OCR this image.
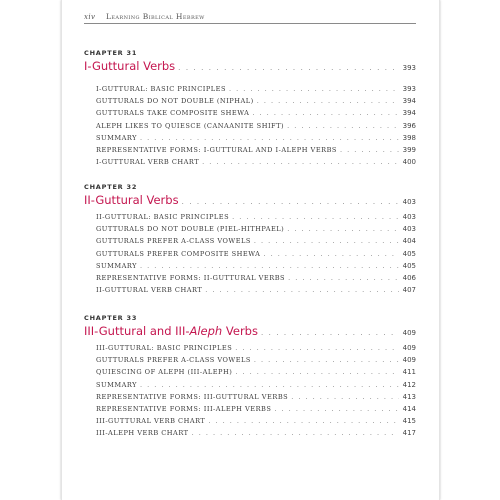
xiv Learning Biblical Hebrew
CHAPTER 31
I-Guttural Verbs . . .	393
I-GUTTURAL: BASIC PRINCIPLES . . .	393
GUTTURALS DO NOT DOUBLE (NIPHAL) . . .	394
GUTTURALS TAKE COMPOSITE SHEWA . . .	394
ALEPH LIKES TO QUIESCE (CANAANITE SHIFT) . . .	396
SUMMARY . . .	398
REPRESENTATIVE FORMS: I-GUTTURAL AND I-ALEPH VERBS . . .	399
I-GUTTURAL VERB CHART . . .	400
CHAPTER 32
II-Guttural Verbs . . .	403
II-GUTTURAL: BASIC PRINCIPLES . . .	403
GUTTURALS DO NOT DOUBLE (PIEL-HITHPAEL) . . .	403
GUTTURALS PREFER A-CLASS VOWELS . . .	404
GUTTURALS PREFER COMPOSITE SHEWA . . .	405
SUMMARY . . .	405
REPRESENTATIVE FORMS: II-GUTTURAL VERBS . . .	406
II-GUTTURAL VERB CHART . . .	407
CHAPTER 33
III-Guttural and III-Aleph Verbs . . .	409
III-GUTTURAL: BASIC PRINCIPLES . . .	409
GUTTURALS PREFER A-CLASS VOWELS . . .	409
QUIESCING OF ALEPH (III-ALEPH) . . .	411
SUMMARY . . .	412
REPRESENTATIVE FORMS: III-GUTTURAL VERBS . . .	413
REPRESENTATIVE FORMS: III-ALEPH VERBS . . .	414
III-GUTTURAL VERB CHART . . .	415
III-ALEPH VERB CHART . . .	417
